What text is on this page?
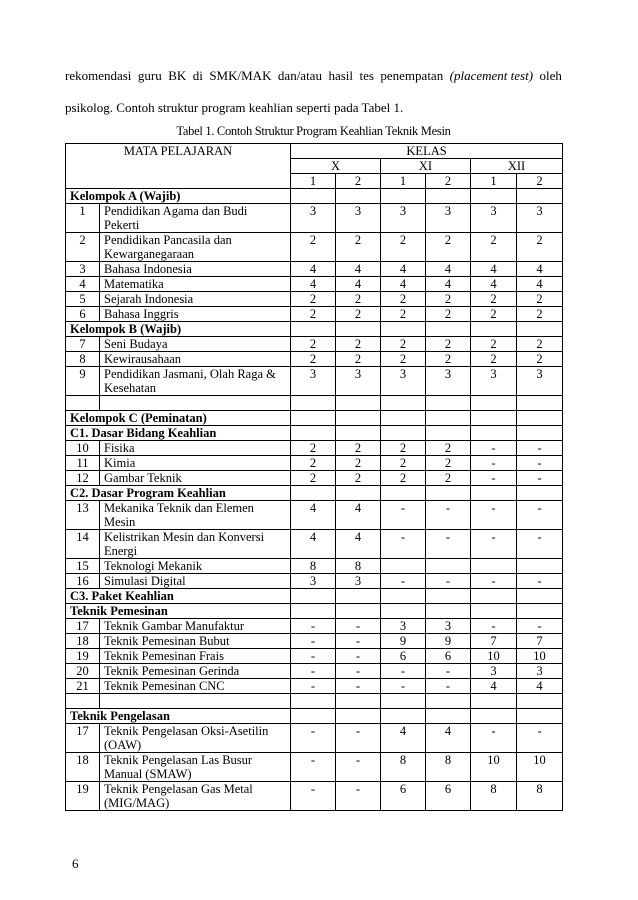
rekomendasi guru BK di SMK/MAK dan/atau hasil tes penempatan (placement test) oleh
psikolog. Contoh struktur program keahlian seperti pada Tabel 1.
Tabel 1. Contoh Struktur Program Keahlian Teknik Mesin
MATA PELAJARAN		KELAS					
		X		XI		XII	
		1	2	1	2	1	2
Kelompok A (Wajib)							
1	Pendidikan Agama dan Budi
Pekerti	3	3	3	3	3	3
2	Pendidikan Pancasila dan
Kewarganegaraan	2	2	2	2	2	2
3	Bahasa Indonesia	4	4	4	4	4	4
4	Matematika	4	4	4	4	4	4
5	Sejarah Indonesia	2	2	2	2	2	2
6	Bahasa Inggris	2	2	2	2	2	2
Kelompok B (Wajib)							
7	Seni Budaya	2	2	2	2	2	2
8	Kewirausahaan	2	2	2	2	2	2
9	Pendidikan Jasmani, Olah Raga &
Kesehatan	3	3	3	3	3	3

Kelompok C (Peminatan)							
C1. Dasar Bidang Keahlian							
10	Fisika	2	2	2	2	-	-
11	Kimia	2	2	2	2	-	-
12	Gambar Teknik	2	2	2	2	-	-
C2. Dasar Program Keahlian							
13	Mekanika Teknik dan Elemen
Mesin	4	4	-	-	-	-
14	Kelistrikan Mesin dan Konversi
Energi	4	4	-	-	-	-
15	Teknologi Mekanik	8	8				
16	Simulasi Digital	3	3	-	-	-	-
C3. Paket Keahlian							
Teknik Pemesinan							
17	Teknik Gambar Manufaktur	-	-	3	3	-	-
18	Teknik Pemesinan Bubut	-	-	9	9	7	7
19	Teknik Pemesinan Frais	-	-	6	6	10	10
20	Teknik Pemesinan Gerinda	-	-	-	-	3	3
21	Teknik Pemesinan CNC	-	-	-	-	4	4

Teknik Pengelasan							
17	Teknik Pengelasan Oksi-Asetilin
(OAW)	-	-	4	4	-	-
18	Teknik Pengelasan Las Busur
Manual (SMAW)	-	-	8	8	10	10
19	Teknik Pengelasan Gas Metal
(MIG/MAG)	-	-	6	6	8	8
6
